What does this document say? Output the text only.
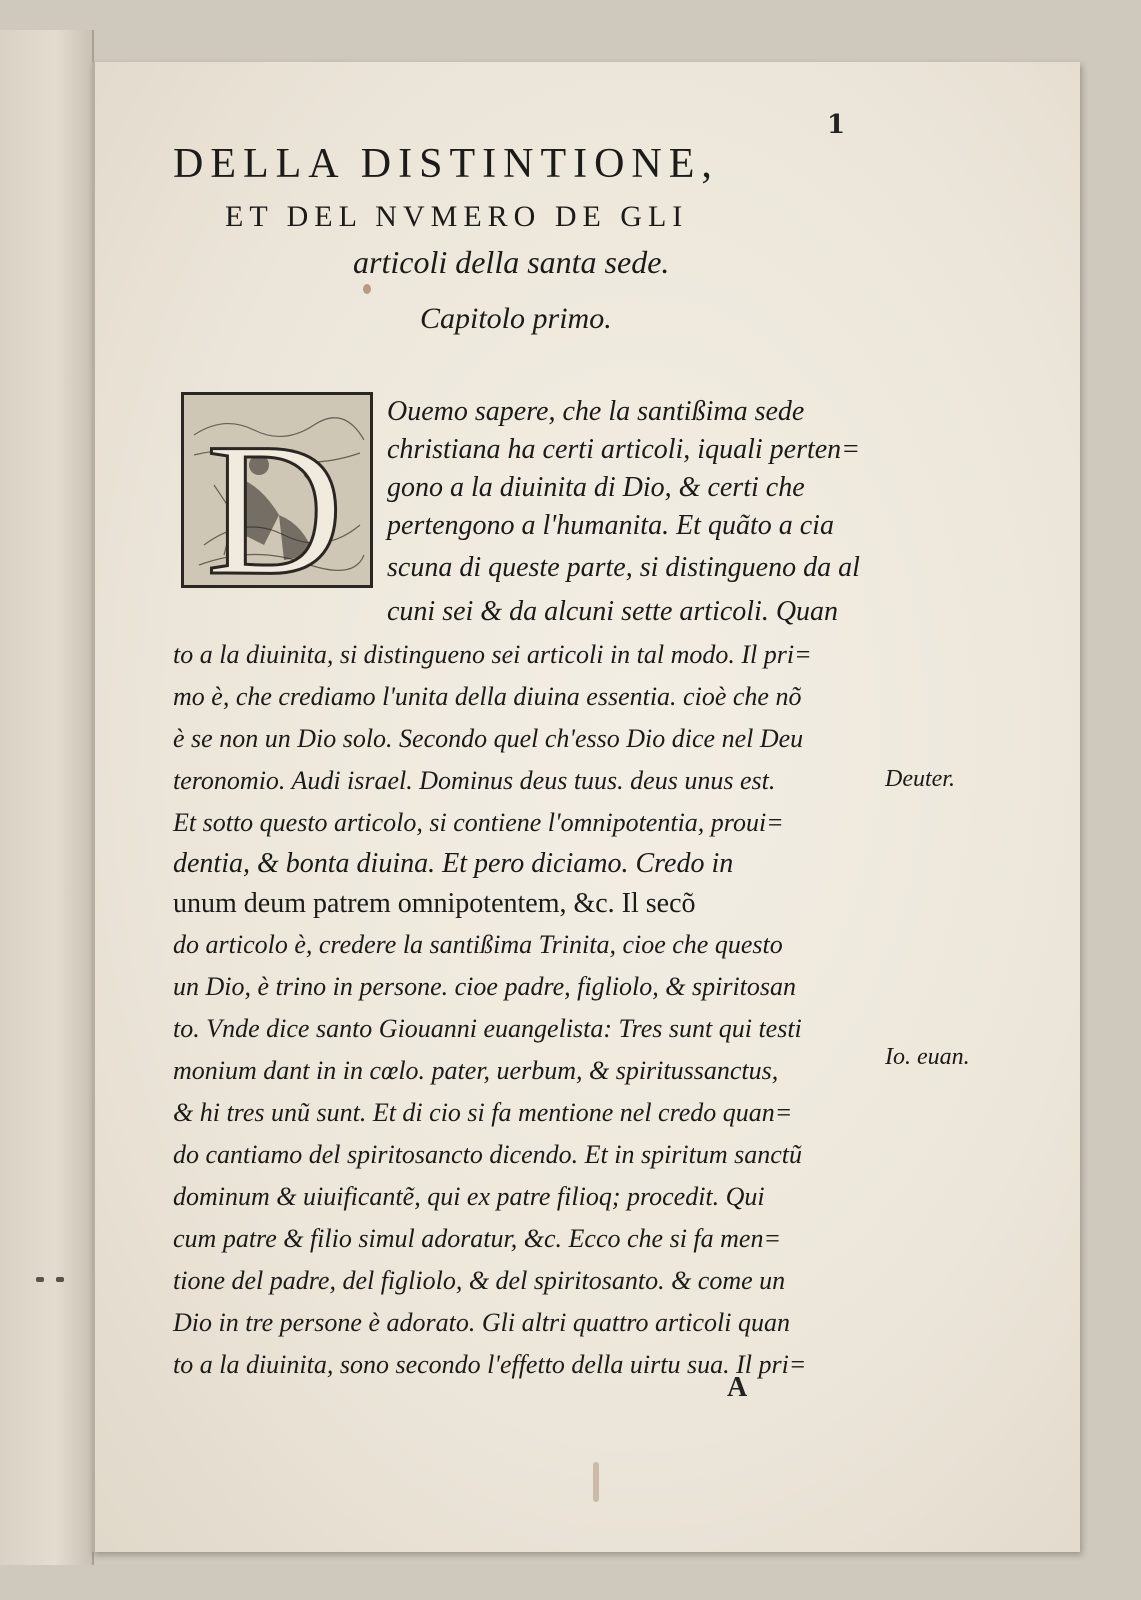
1
DELLA DISTINTIONE,
ET DEL NVMERO DE GLI
articoli della santa sede.
Capitolo primo.
D Ouemo sapere, che la santißima sede
christiana ha certi articoli, iquali perten=
gono a la diuinita di Dio, & certi che
pertengono a l'humanita. Et quãto a cia
scuna di queste parte, si distingueno da al
cuni sei & da alcuni sette articoli. Quan
to a la diuinita, si distingueno sei articoli in tal modo. Il pri=
mo è, che crediamo l'unita della diuina essentia. cioè che nõ
è se non un Dio solo. Secondo quel ch'esso Dio dice nel Deu
teronomio. Audi israel. Dominus deus tuus. deus unus est.
Et sotto questo articolo, si contiene l'omnipotentia, proui=
dentia, & bonta diuina. Et pero diciamo. Credo in
unum deum patrem omnipotentem, &c. Il secõ
do articolo è, credere la santißima Trinita, cioe che questo
un Dio, è trino in persone. cioe padre, figliolo, & spiritosan
to. Vnde dice santo Giouanni euangelista: Tres sunt qui testi
monium dant in in cœlo. pater, uerbum, & spiritussanctus,
& hi tres unũ sunt. Et di cio si fa mentione nel credo quan=
do cantiamo del spiritosancto dicendo. Et in spiritum sanctũ
dominum & uiuificantẽ, qui ex patre filioq; procedit. Qui
cum patre & filio simul adoratur, &c. Ecco che si fa men=
tione del padre, del figliolo, & del spiritosanto. & come un
Dio in tre persone è adorato. Gli altri quattro articoli quan
to a la diuinita, sono secondo l'effetto della uirtu sua. Il pri=
Deuter.
Io. euan.
A
